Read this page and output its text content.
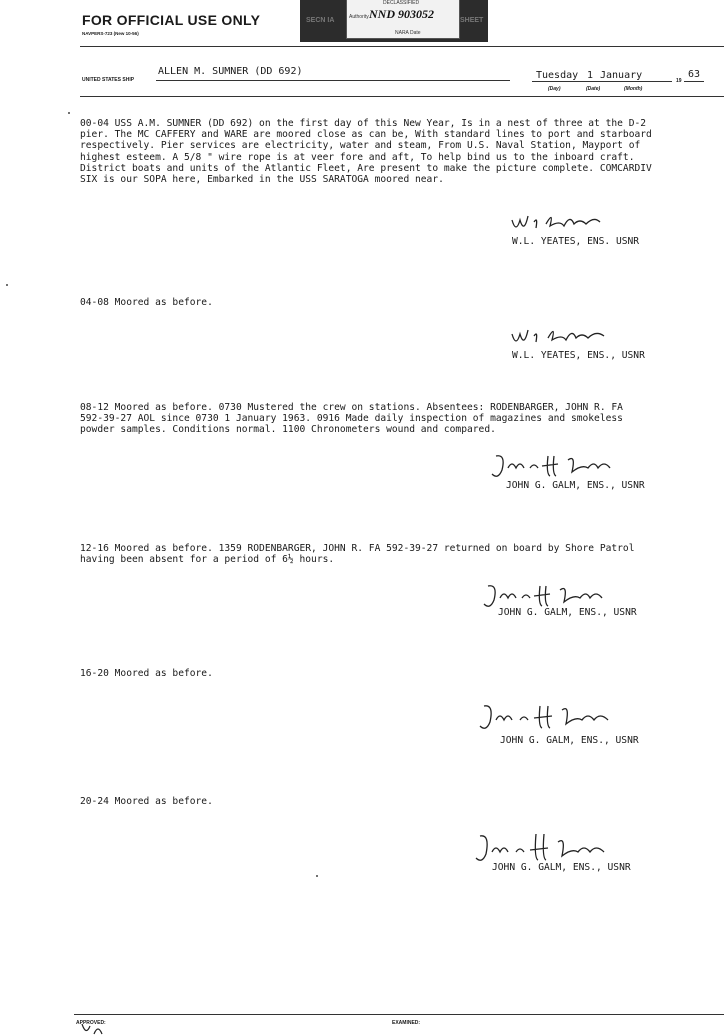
FOR OFFICIAL USE ONLY
NAVPERS-723 (New 10-56)
SECN IA	SHEET
DECLASSIFIED
Authority NND 903052
NARA Date
UNITED STATES SHIP
ALLEN M. SUMNER (DD 692)	Tuesday 1 January	19
63
(Day)	(Date)	(Month)
00-04 USS A.M. SUMNER (DD 692) on the first day of this New Year, Is in a nest of three at the D-2
pier. The MC CAFFERY and WARE are moored close as can be, With standard lines to port and starboard
respectively. Pier services are electricity, water and steam, From U.S. Naval Station, Mayport of
highest esteem. A 5/8 " wire rope is at veer fore and aft, To help bind us to the inboard craft.
District boats and units of the Atlantic Fleet, Are present to make the picture complete. COMCARDIV
SIX is our SOPA here, Embarked in the USS SARATOGA moored near.
W.L. YEATES, ENS. USNR
04-08 Moored as before.
W.L. YEATES, ENS., USNR
08-12 Moored as before. 0730 Mustered the crew on stations. Absentees: RODENBARGER, JOHN R. FA
592-39-27 AOL since 0730 1 January 1963. 0916 Made daily inspection of magazines and smokeless
powder samples. Conditions normal. 1100 Chronometers wound and compared.
JOHN G. GALM, ENS., USNR
12-16 Moored as before. 1359 RODENBARGER, JOHN R. FA 592-39-27 returned on board by Shore Patrol
having been absent for a period of 6½ hours.
JOHN G. GALM, ENS., USNR
16-20 Moored as before.
JOHN G. GALM, ENS., USNR
20-24 Moored as before.
JOHN G. GALM, ENS., USNR
APPROVED:	EXAMINED:
